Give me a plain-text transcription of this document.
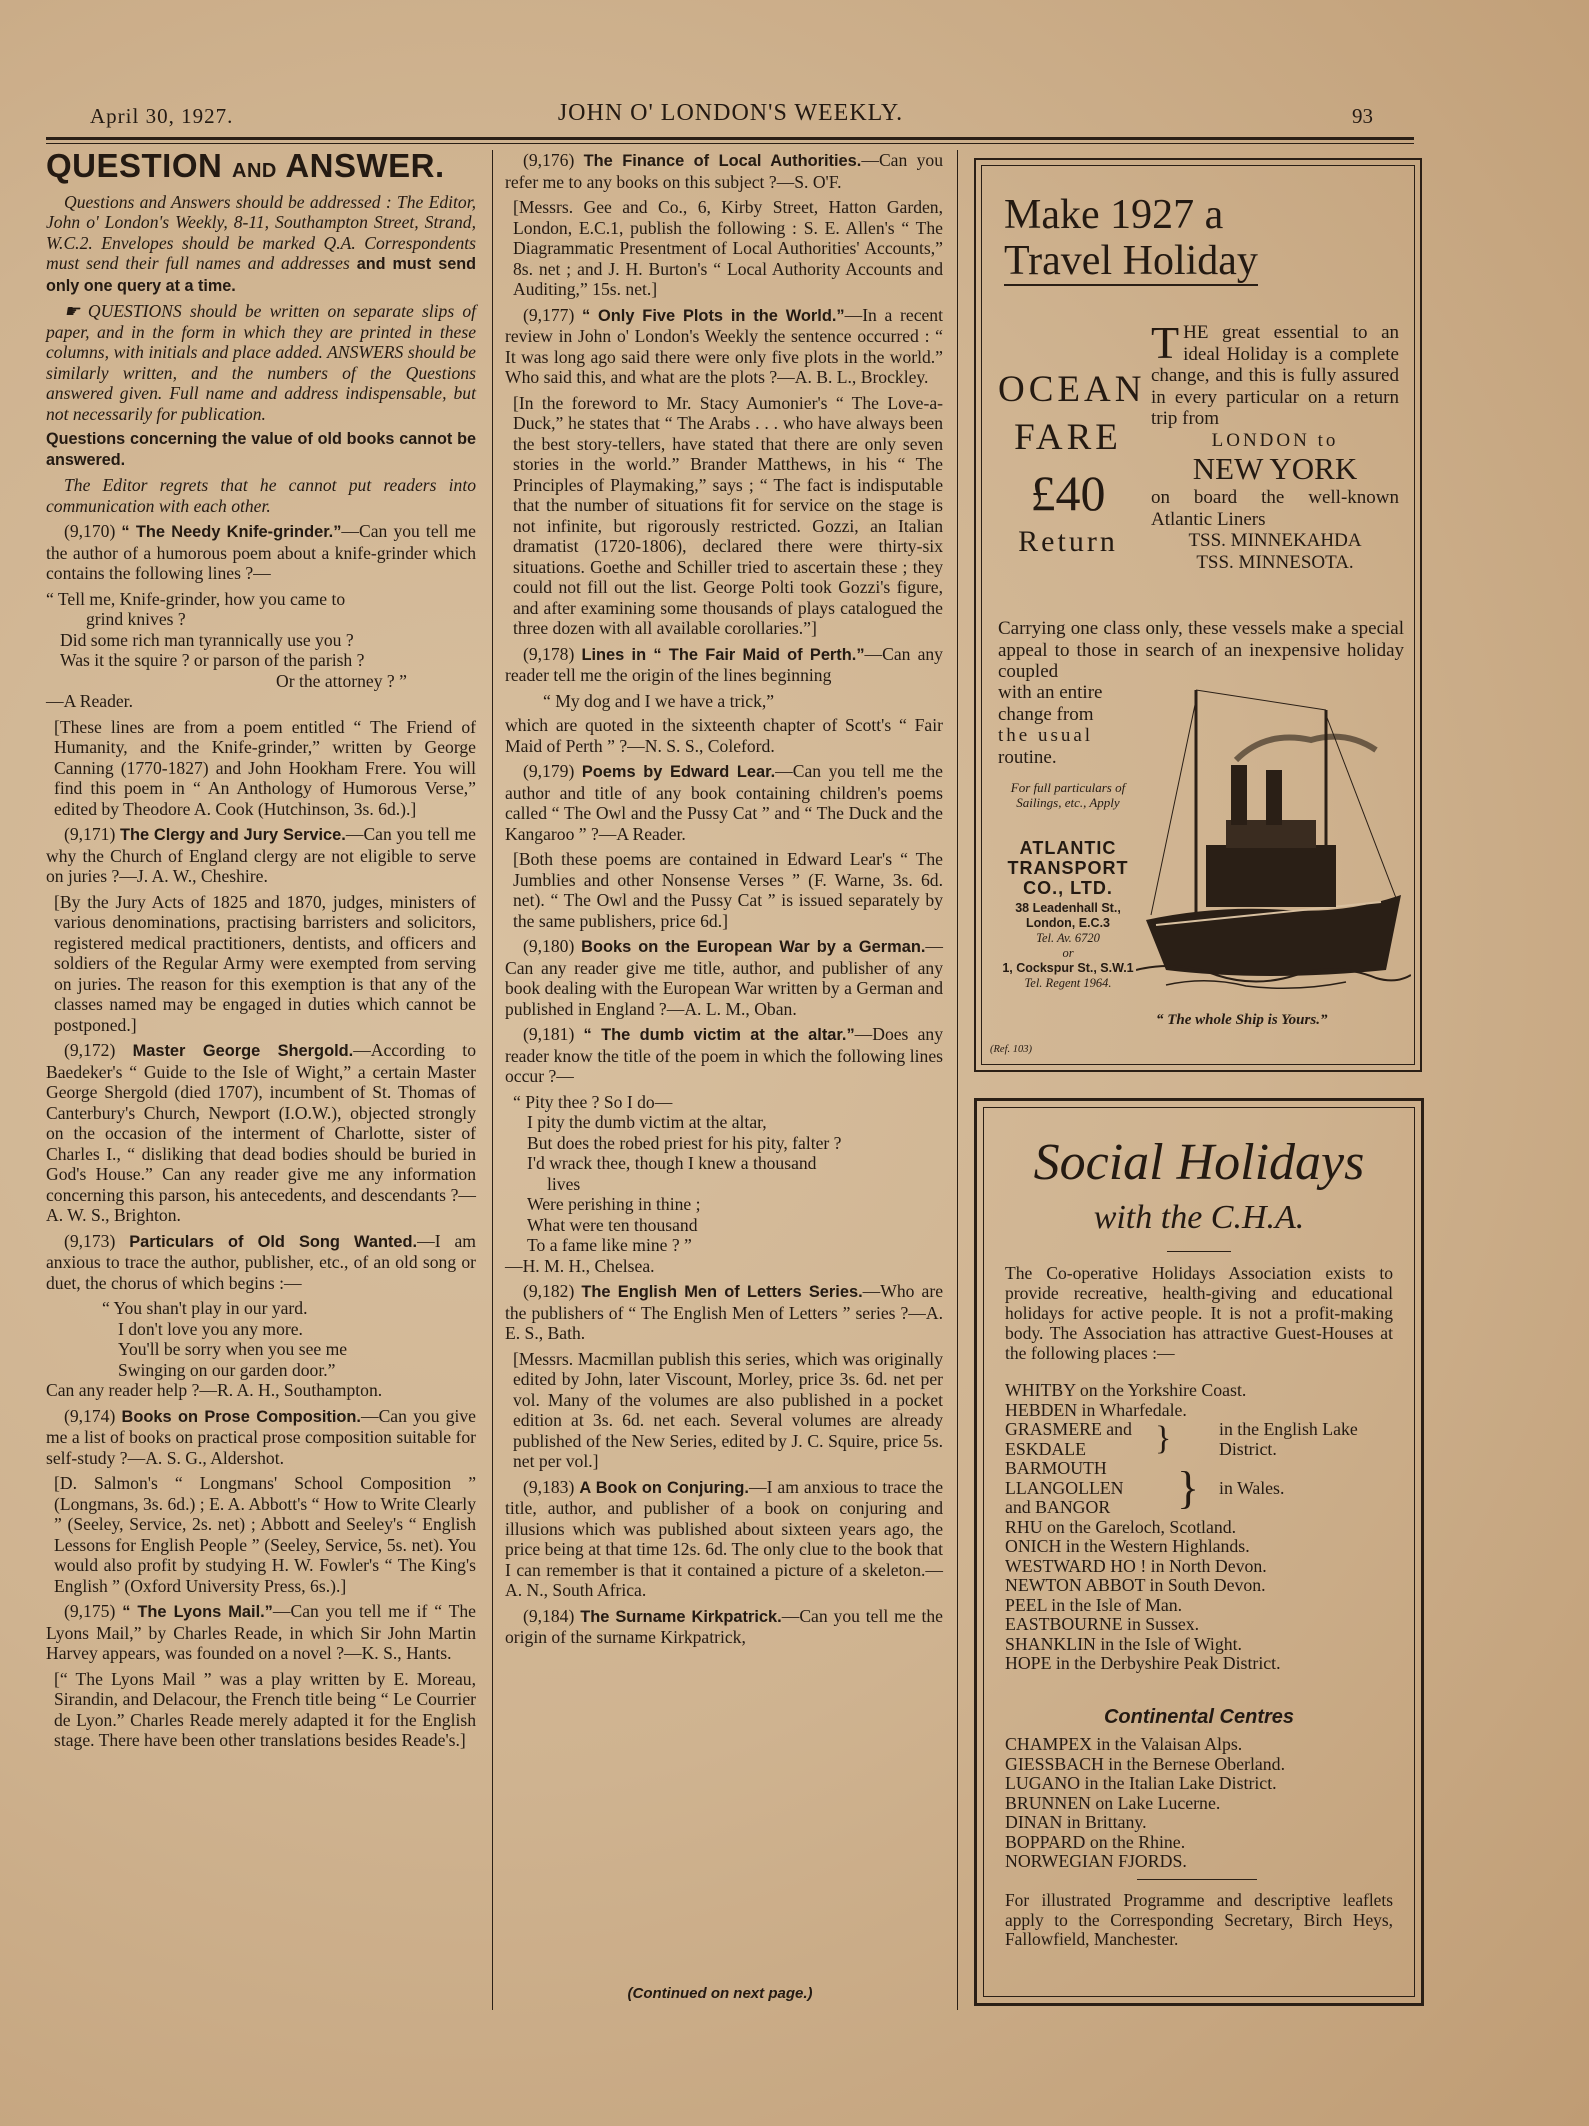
April 30, 1927.	JOHN O' LONDON'S WEEKLY.	93
QUESTION AND ANSWER.

Questions and Answers should be addressed : The Editor, John o' London's Weekly, 8-11, Southampton Street, Strand, W.C.2. Envelopes should be marked Q.A. Correspondents must send their full names and addresses and must send only one query at a time.

☛ QUESTIONS should be written on separate slips of paper, and in the form in which they are printed in these columns, with initials and place added. ANSWERS should be similarly written, and the numbers of the Questions answered given. Full name and address indispensable, but not necessarily for publication.

Questions concerning the value of old books cannot be answered.

The Editor regrets that he cannot put readers into communication with each other.

(9,170) “ The Needy Knife-grinder.”—Can you tell me the author of a humorous poem about a knife-grinder which contains the following lines ?—

“ Tell me, Knife-grinder, how you came to
grind knives ?
Did some rich man tyrannically use you ?
Was it the squire ? or parson of the parish ?
Or the attorney ? ”

—A Reader.

[These lines are from a poem entitled “ The Friend of Humanity, and the Knife-grinder,” written by George Canning (1770-1827) and John Hookham Frere. You will find this poem in “ An Anthology of Humorous Verse,” edited by Theodore A. Cook (Hutchinson, 3s. 6d.).]

(9,171) The Clergy and Jury Service.—Can you tell me why the Church of England clergy are not eligible to serve on juries ?—J. A. W., Cheshire.

[By the Jury Acts of 1825 and 1870, judges, ministers of various denominations, practising barristers and solicitors, registered medical practitioners, dentists, and officers and soldiers of the Regular Army were exempted from serving on juries. The reason for this exemption is that any of the classes named may be engaged in duties which cannot be postponed.]

(9,172) Master George Shergold.—According to Baedeker's “ Guide to the Isle of Wight,” a certain Master George Shergold (died 1707), incumbent of St. Thomas of Canterbury's Church, Newport (I.O.W.), objected strongly on the occasion of the interment of Charlotte, sister of Charles I., “ disliking that dead bodies should be buried in God's House.” Can any reader give me any information concerning this parson, his antecedents, and descendants ?—A. W. S., Brighton.

(9,173) Particulars of Old Song Wanted.—I am anxious to trace the author, publisher, etc., of an old song or duet, the chorus of which begins :—

“ You shan't play in our yard.
I don't love you any more.
You'll be sorry when you see me
Swinging on our garden door.”

Can any reader help ?—R. A. H., Southampton.

(9,174) Books on Prose Composition.—Can you give me a list of books on practical prose composition suitable for self-study ?—A. S. G., Aldershot.

[D. Salmon's “ Longmans' School Composition ” (Longmans, 3s. 6d.) ; E. A. Abbott's “ How to Write Clearly ” (Seeley, Service, 2s. net) ; Abbott and Seeley's “ English Lessons for English People ” (Seeley, Service, 5s. net). You would also profit by studying H. W. Fowler's “ The King's English ” (Oxford University Press, 6s.).]

(9,175) “ The Lyons Mail.”—Can you tell me if “ The Lyons Mail,” by Charles Reade, in which Sir John Martin Harvey appears, was founded on a novel ?—K. S., Hants.

[“ The Lyons Mail ” was a play written by E. Moreau, Sirandin, and Delacour, the French title being “ Le Courrier de Lyon.” Charles Reade merely adapted it for the English stage. There have been other translations besides Reade's.]

(9,176) The Finance of Local Authorities.—Can you refer me to any books on this subject ?—S. O'F.

[Messrs. Gee and Co., 6, Kirby Street, Hatton Garden, London, E.C.1, publish the following : S. E. Allen's “ The Diagrammatic Presentment of Local Authorities' Accounts,” 8s. net ; and J. H. Burton's “ Local Authority Accounts and Auditing,” 15s. net.]

(9,177) “ Only Five Plots in the World.”—In a recent review in John o' London's Weekly the sentence occurred : “ It was long ago said there were only five plots in the world.” Who said this, and what are the plots ?—A. B. L., Brockley.

[In the foreword to Mr. Stacy Aumonier's “ The Love-a-Duck,” he states that “ The Arabs . . . who have always been the best story-tellers, have stated that there are only seven stories in the world.” Brander Matthews, in his “ The Principles of Playmaking,” says ; “ The fact is indisputable that the number of situations fit for service on the stage is not infinite, but rigorously restricted. Gozzi, an Italian dramatist (1720-1806), declared there were thirty-six situations. Goethe and Schiller tried to ascertain these ; they could not fill out the list. George Polti took Gozzi's figure, and after examining some thousands of plays catalogued the three dozen with all available corollaries.”]

(9,178) Lines in “ The Fair Maid of Perth.”—Can any reader tell me the origin of the lines beginning

“ My dog and I we have a trick,”

which are quoted in the sixteenth chapter of Scott's “ Fair Maid of Perth ” ?—N. S. S., Coleford.

(9,179) Poems by Edward Lear.—Can you tell me the author and title of any book containing children's poems called “ The Owl and the Pussy Cat ” and “ The Duck and the Kangaroo ” ?—A Reader.

[Both these poems are contained in Edward Lear's “ The Jumblies and other Nonsense Verses ” (F. Warne, 3s. 6d. net). “ The Owl and the Pussy Cat ” is issued separately by the same publishers, price 6d.]

(9,180) Books on the European War by a German.—Can any reader give me title, author, and publisher of any book dealing with the European War written by a German and published in England ?—A. L. M., Oban.

(9,181) “ The dumb victim at the altar.”—Does any reader know the title of the poem in which the following lines occur ?—

“ Pity thee ? So I do—
I pity the dumb victim at the altar,
But does the robed priest for his pity, falter ?
I'd wrack thee, though I knew a thousand
lives
Were perishing in thine ;
What were ten thousand
To a fame like mine ? ”

—H. M. H., Chelsea.

(9,182) The English Men of Letters Series.—Who are the publishers of “ The English Men of Letters ” series ?—A. E. S., Bath.

[Messrs. Macmillan publish this series, which was originally edited by John, later Viscount, Morley, price 3s. 6d. net per vol. Many of the volumes are also published in a pocket edition at 3s. 6d. net each. Several volumes are already published of the New Series, edited by J. C. Squire, price 5s. net per vol.]

(9,183) A Book on Conjuring.—I am anxious to trace the title, author, and publisher of a book on conjuring and illusions which was published about sixteen years ago, the price being at that time 12s. 6d. The only clue to the book that I can remember is that it contained a picture of a skeleton.—A. N., South Africa.

(9,184) The Surname Kirkpatrick.—Can you tell me the origin of the surname Kirkpatrick,

(Continued on next page.)
Make 1927 a
Travel Holiday
OCEAN
FARE
£40
Return
THE great essential to an ideal Holiday is a complete change, and this is fully assured in every particular on a return trip from
LONDON to
NEW YORK
on board the well-known Atlantic Liners
TSS. MINNEKAHDA
TSS. MINNESOTA.
Carrying one class only, these vessels make a special appeal to those in search of an inexpensive holiday coupled
with an entire
change from
the usual
routine.
For full particulars of Sailings, etc., Apply
ATLANTIC
TRANSPORT
CO., LTD.
38 Leadenhall St., London, E.C.3
Tel. Av. 6720
or
1, Cockspur St., S.W.1
Tel. Regent 1964.
“ The whole Ship is Yours.”
(Ref. 103)
Social Holidays
with the C.H.A.
The Co-operative Holidays Association exists to provide recreative, health-giving and educational holidays for active people. It is not a profit-making body. The Association has attractive Guest-Houses at the following places :—
WHITBY on the Yorkshire Coast.
HEBDEN in Wharfedale.
GRASMERE and
ESKDALE	}	in the English Lake District.
BARMOUTH
LLANGOLLEN
and BANGOR	} in Wales.
RHU on the Gareloch, Scotland.
ONICH in the Western Highlands.
WESTWARD HO ! in North Devon.
NEWTON ABBOT in South Devon.
PEEL in the Isle of Man.
EASTBOURNE in Sussex.
SHANKLIN in the Isle of Wight.
HOPE in the Derbyshire Peak District.
Continental Centres
CHAMPEX in the Valaisan Alps.
GIESSBACH in the Bernese Oberland.
LUGANO in the Italian Lake District.
BRUNNEN on Lake Lucerne.
DINAN in Brittany.
BOPPARD on the Rhine.
NORWEGIAN FJORDS.
For illustrated Programme and descriptive leaflets apply to the Corresponding Secretary, Birch Heys, Fallowfield, Manchester.
